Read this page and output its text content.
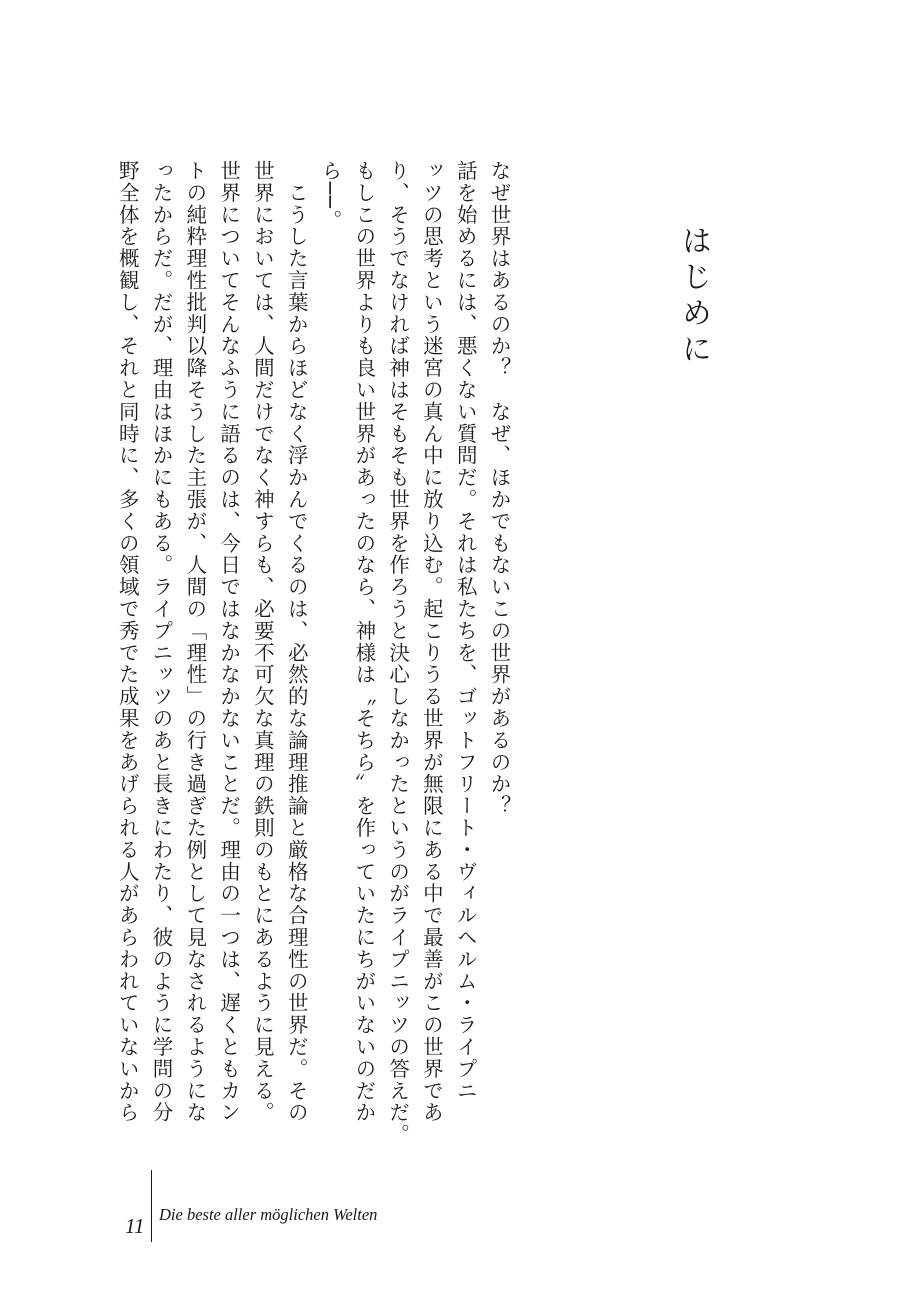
はじめに

なぜ世界はあるのか？　なぜ、ほかでもないこの世界があるのか？

話を始めるには、悪くない質問だ。それは私たちを、ゴットフリート・ヴィルヘルム・ライプニ

ッツの思考という迷宮の真ん中に放り込む。起こりうる世界が無限にある中で最善がこの世界であ

り、そうでなければ神はそもそも世界を作ろうと決心しなかったというのがライプニッツの答えだ。

もしこの世界よりも良い世界があったのなら、神様は〝そちら〟を作っていたにちがいないのだか

ら──。

　こうした言葉からほどなく浮かんでくるのは、必然的な論理推論と厳格な合理性の世界だ。その

世界においては、人間だけでなく神すらも、必要不可欠な真理の鉄則のもとにあるように見える。

世界についてそんなふうに語るのは、今日ではなかなかないことだ。理由の一つは、遅くともカン

トの純粋理性批判以降そうした主張が、人間の「理性」の行き過ぎた例として見なされるようにな

ったからだ。だが、理由はほかにもある。ライプニッツのあと長きにわたり、彼のように学問の分

野全体を概観し、それと同時に、多くの領域で秀でた成果をあげられる人があらわれていないから

11 Die beste aller möglichen Welten
